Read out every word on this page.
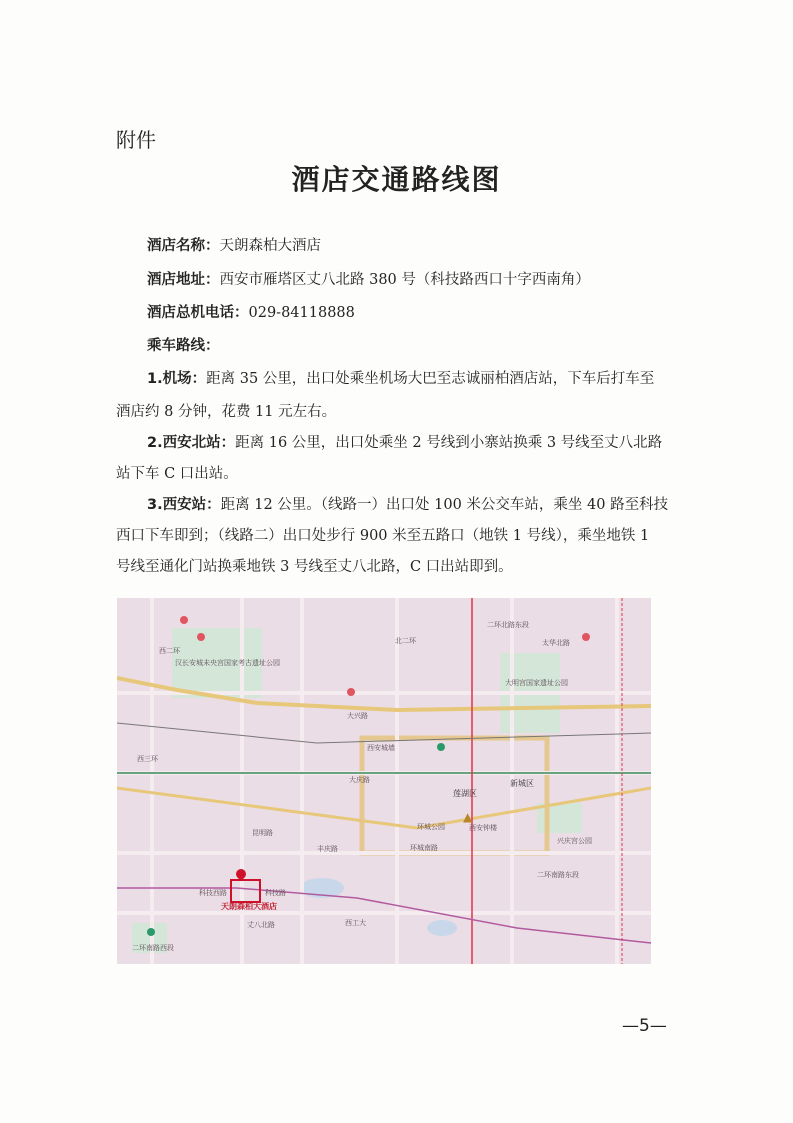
附件
酒店交通路线图
酒店名称：天朗森柏大酒店
酒店地址：西安市雁塔区丈八北路 380 号（科技路西口十字西南角）
酒店总机电话：029-84118888
乘车路线：
1.机场：距离 35 公里，出口处乘坐机场大巴至志诚丽柏酒店站，下车后打车至
酒店约 8 分钟，花费 11 元左右。
2.西安北站：距离 16 公里，出口处乘坐 2 号线到小寨站换乘 3 号线至丈八北路
站下车 C 口出站。
3.西安站：距离 12 公里。（线路一）出口处 100 米公交车站，乘坐 40 路至科技
西口下车即到；（线路二）出口处步行 900 米至五路口（地铁 1 号线），乘坐地铁 1
号线至通化门站换乘地铁 3 号线至丈八北路，C 口出站即到。
二环北路东段
西二环
二环南路东段
大兴路
大庆路
昆明路
丰庆路	环城南路
莲湖区
新城区
西三环
科技西路	科技路
丈八北路
西安钟楼
北二环	太华北路
西安城墙
兴庆宫公园
大明宫国家遗址公园
汉长安城未央宫国家考古遗址公园
环城公园
西工大
二环南路西段
天朗森柏大酒店
▲
—5—
